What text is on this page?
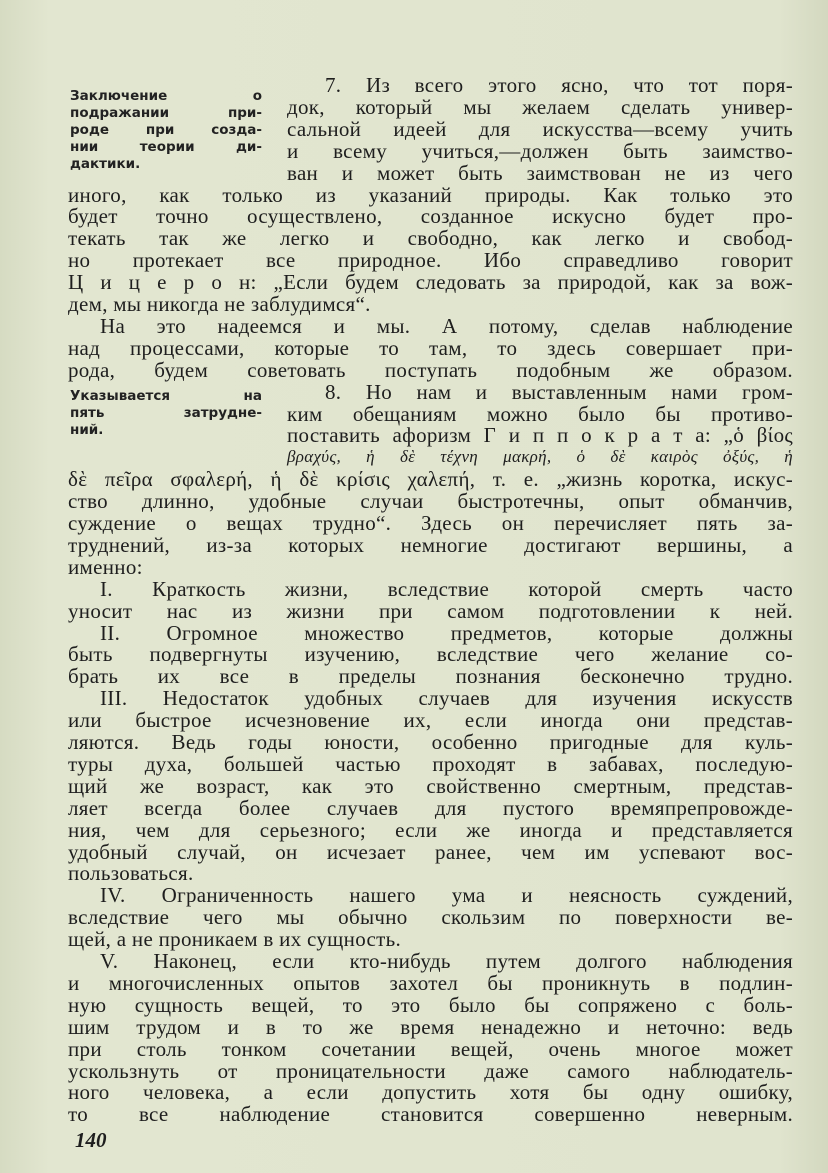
Заключение о
подражании при-
роде при созда-
нии теории ди-
дактики.
Указывается на
пять затрудне-
ний.
7. Из всего этого ясно, что тот поря-
док, который мы желаем сделать универ-
сальной идеей для искусства—всему учить
и всему учиться,—должен быть заимство-
ван и может быть заимствован не из чего
иного, как только из указаний природы. Как только это
будет точно осуществлено, созданное искусно будет про-
текать так же легко и свободно, как легко и свобод-
но протекает все природное. Ибо справедливо говорит
Ц и ц е р о н: „Если будем следовать за природой, как за вож-
дем, мы никогда не заблудимся“.
На это надеемся и мы. А потому, сделав наблюдение
над процессами, которые то там, то здесь совершает при-
рода, будем советовать поступать подобным же образом.
8. Но нам и выставленным нами гром-
ким обещаниям можно было бы противо-
поставить афоризм Г и п п о к р а т а: „ὁ βίος
βραχύς, ἡ δὲ τέχνη μακρή, ὁ δὲ καιρὸς ὀξύς, ἡ
δὲ πεῖρα σφαλερή, ἡ δὲ κρίσις χαλεπή, т. е. „жизнь коротка, искус-
ство длинно, удобные случаи быстротечны, опыт обманчив,
суждение о вещах трудно“. Здесь он перечисляет пять за-
труднений, из-за которых немногие достигают вершины, а
именно:
I. Краткость жизни, вследствие которой смерть часто
уносит нас из жизни при самом подготовлении к ней.
II. Огромное множество предметов, которые должны
быть подвергнуты изучению, вследствие чего желание со-
брать их все в пределы познания бесконечно трудно.
III. Недостаток удобных случаев для изучения искусств
или быстрое исчезновение их, если иногда они представ-
ляются. Ведь годы юности, особенно пригодные для куль-
туры духа, большей частью проходят в забавах, последую-
щий же возраст, как это свойственно смертным, представ-
ляет всегда более случаев для пустого времяпрепровожде-
ния, чем для серьезного; если же иногда и представляется
удобный случай, он исчезает ранее, чем им успевают вос-
пользоваться.
IV. Ограниченность нашего ума и неясность суждений,
вследствие чего мы обычно скользим по поверхности ве-
щей, а не проникаем в их сущность.
V. Наконец, если кто-нибудь путем долгого наблюдения
и многочисленных опытов захотел бы проникнуть в подлин-
ную сущность вещей, то это было бы сопряжено с боль-
шим трудом и в то же время ненадежно и неточно: ведь
при столь тонком сочетании вещей, очень многое может
ускользнуть от проницательности даже самого наблюдатель-
ного человека, а если допустить хотя бы одну ошибку,
то все наблюдение становится совершенно неверным.
140
